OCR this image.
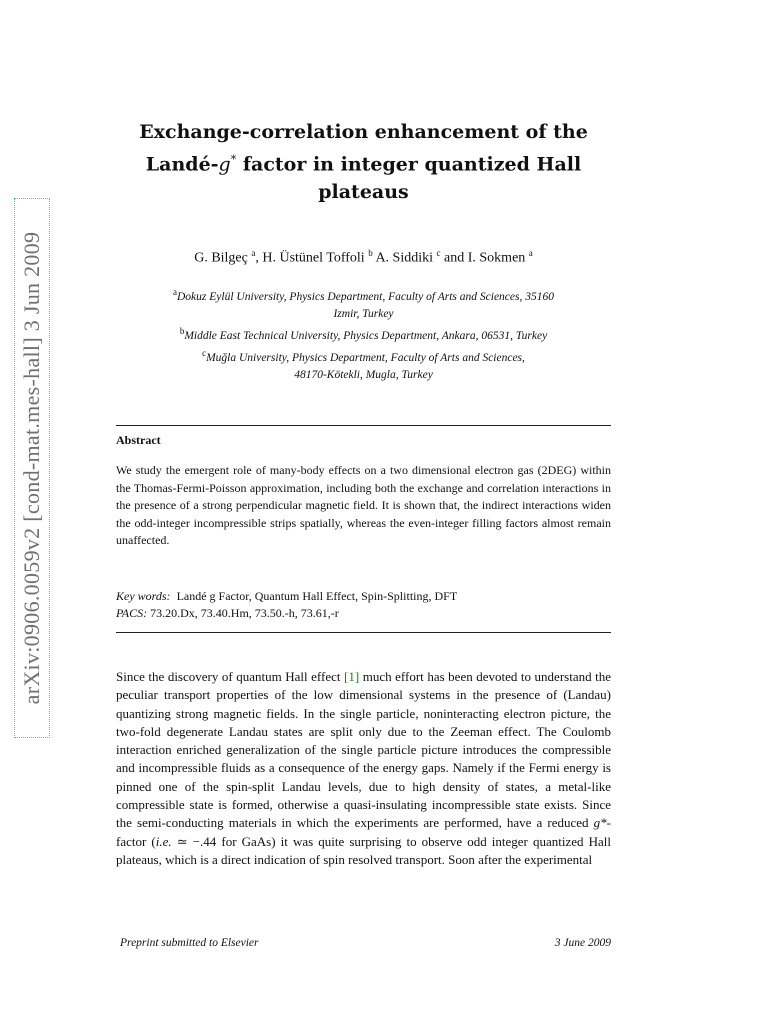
arXiv:0906.0059v2 [cond-mat.mes-hall] 3 Jun 2009
Exchange-correlation enhancement of the
Landé-g* factor in integer quantized Hall
plateaus
G. Bilgeç $^a$, H. Üstünel Toffoli $^b$ A. Siddiki $^c$ and I. Sokmen $^a$
$^a$Dokuz Eylül University, Physics Department, Faculty of Arts and Sciences, 35160
Izmir, Turkey
$^b$Middle East Technical University, Physics Department, Ankara, 06531, Turkey
$^c$Muğla University, Physics Department, Faculty of Arts and Sciences,
48170-Kötekli, Mugla, Turkey
Abstract
We study the emergent role of many-body effects on a two dimensional electron gas (2DEG) within the Thomas-Fermi-Poisson approximation, including both the exchange and correlation interactions in the presence of a strong perpendicular magnetic field. It is shown that, the indirect interactions widen the odd-integer incompressible strips spatially, whereas the even-integer filling factors almost remain unaffected.
Key words: Landé g Factor, Quantum Hall Effect, Spin-Splitting, DFT
PACS: 73.20.Dx, 73.40.Hm, 73.50.-h, 73.61,-r
Since the discovery of quantum Hall effect [1] much effort has been devoted to understand the peculiar transport properties of the low dimensional systems in the presence of (Landau) quantizing strong magnetic fields. In the single particle, noninteracting electron picture, the two-fold degenerate Landau states are split only due to the Zeeman effect. The Coulomb interaction enriched generalization of the single particle picture introduces the compressible and incompressible fluids as a consequence of the energy gaps. Namely if the Fermi energy is pinned one of the spin-split Landau levels, due to high density of states, a metal-like compressible state is formed, otherwise a quasi-insulating incompressible state exists. Since the semi-conducting materials in which the experiments are performed, have a reduced g*-factor (i.e. ≃ −.44 for GaAs) it was quite surprising to observe odd integer quantized Hall plateaus, which is a direct indication of spin resolved transport. Soon after the experimental
Preprint submitted to Elsevier	3 June 2009
